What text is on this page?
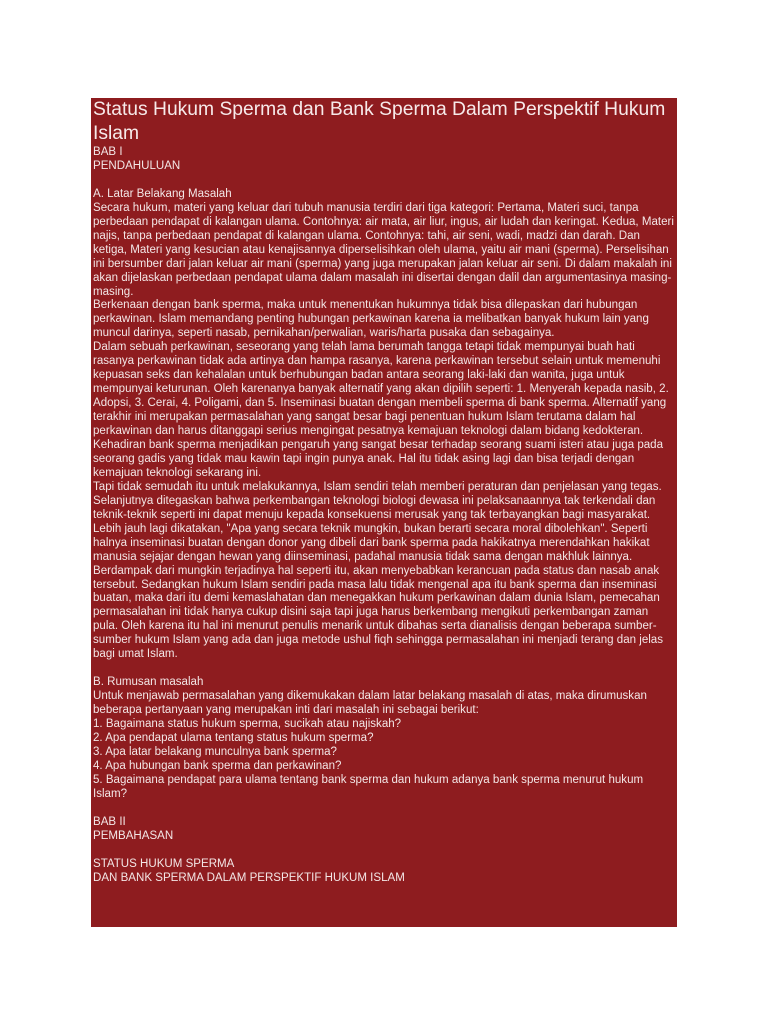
Status Hukum Sperma dan Bank Sperma Dalam Perspektif Hukum Islam

BAB I

PENDAHULUAN

A. Latar Belakang Masalah

Secara hukum, materi yang keluar dari tubuh manusia terdiri dari tiga kategori: Pertama, Materi suci, tanpa perbedaan pendapat di kalangan ulama. Contohnya: air mata, air liur, ingus, air ludah dan keringat. Kedua, Materi najis, tanpa perbedaan pendapat di kalangan ulama. Contohnya: tahi, air seni, wadi, madzi dan darah. Dan ketiga, Materi yang kesucian atau kenajisannya diperselisihkan oleh ulama, yaitu air mani (sperma). Perselisihan ini bersumber dari jalan keluar air mani (sperma) yang juga merupakan jalan keluar air seni. Di dalam makalah ini akan dijelaskan perbedaan pendapat ulama dalam masalah ini disertai dengan dalil dan argumentasinya masing-masing.

Berkenaan dengan bank sperma, maka untuk menentukan hukumnya tidak bisa dilepaskan dari hubungan perkawinan. Islam memandang penting hubungan perkawinan karena ia melibatkan banyak hukum lain yang muncul darinya, seperti nasab, pernikahan/perwalian, waris/harta pusaka dan sebagainya.

Dalam sebuah perkawinan, seseorang yang telah lama berumah tangga tetapi tidak mempunyai buah hati rasanya perkawinan tidak ada artinya dan hampa rasanya, karena perkawinan tersebut selain untuk memenuhi kepuasan seks dan kehalalan untuk berhubungan badan antara seorang laki-laki dan wanita, juga untuk mempunyai keturunan. Oleh karenanya banyak alternatif yang akan dipilih seperti: 1. Menyerah kepada nasib, 2. Adopsi, 3. Cerai, 4. Poligami, dan 5. Inseminasi buatan dengan membeli sperma di bank sperma. Alternatif yang terakhir ini merupakan permasalahan yang sangat besar bagi penentuan hukum Islam terutama dalam hal perkawinan dan harus ditanggapi serius mengingat pesatnya kemajuan teknologi dalam bidang kedokteran.

Kehadiran bank sperma menjadikan pengaruh yang sangat besar terhadap seorang suami isteri atau juga pada seorang gadis yang tidak mau kawin tapi ingin punya anak. Hal itu tidak asing lagi dan bisa terjadi dengan kemajuan teknologi sekarang ini.

Tapi tidak semudah itu untuk melakukannya, Islam sendiri telah memberi peraturan dan penjelasan yang tegas. Selanjutnya ditegaskan bahwa perkembangan teknologi biologi dewasa ini pelaksanaannya tak terkendali dan teknik-teknik seperti ini dapat menuju kepada konsekuensi merusak yang tak terbayangkan bagi masyarakat. Lebih jauh lagi dikatakan, "Apa yang secara teknik mungkin, bukan berarti secara moral dibolehkan". Seperti halnya inseminasi buatan dengan donor yang dibeli dari bank sperma pada hakikatnya merendahkan hakikat manusia sejajar dengan hewan yang diinseminasi, padahal manusia tidak sama dengan makhluk lainnya.

Berdampak dari mungkin terjadinya hal seperti itu, akan menyebabkan kerancuan pada status dan nasab anak tersebut. Sedangkan hukum Islam sendiri pada masa lalu tidak mengenal apa itu bank sperma dan inseminasi buatan, maka dari itu demi kemaslahatan dan menegakkan hukum perkawinan dalam dunia Islam, pemecahan permasalahan ini tidak hanya cukup disini saja tapi juga harus berkembang mengikuti perkembangan zaman pula. Oleh karena itu hal ini menurut penulis menarik untuk dibahas serta dianalisis dengan beberapa sumber-sumber hukum Islam yang ada dan juga metode ushul fiqh sehingga permasalahan ini menjadi terang dan jelas bagi umat Islam.

B. Rumusan masalah

Untuk menjawab permasalahan yang dikemukakan dalam latar belakang masalah di atas, maka dirumuskan beberapa pertanyaan yang merupakan inti dari masalah ini sebagai berikut:

1. Bagaimana status hukum sperma, sucikah atau najiskah?
2. Apa pendapat ulama tentang status hukum sperma?
3. Apa latar belakang munculnya bank sperma?
4. Apa hubungan bank sperma dan perkawinan?
5. Bagaimana pendapat para ulama tentang bank sperma dan hukum adanya bank sperma menurut hukum Islam?

BAB II

PEMBAHASAN

STATUS HUKUM SPERMA

DAN BANK SPERMA DALAM PERSPEKTIF HUKUM ISLAM
